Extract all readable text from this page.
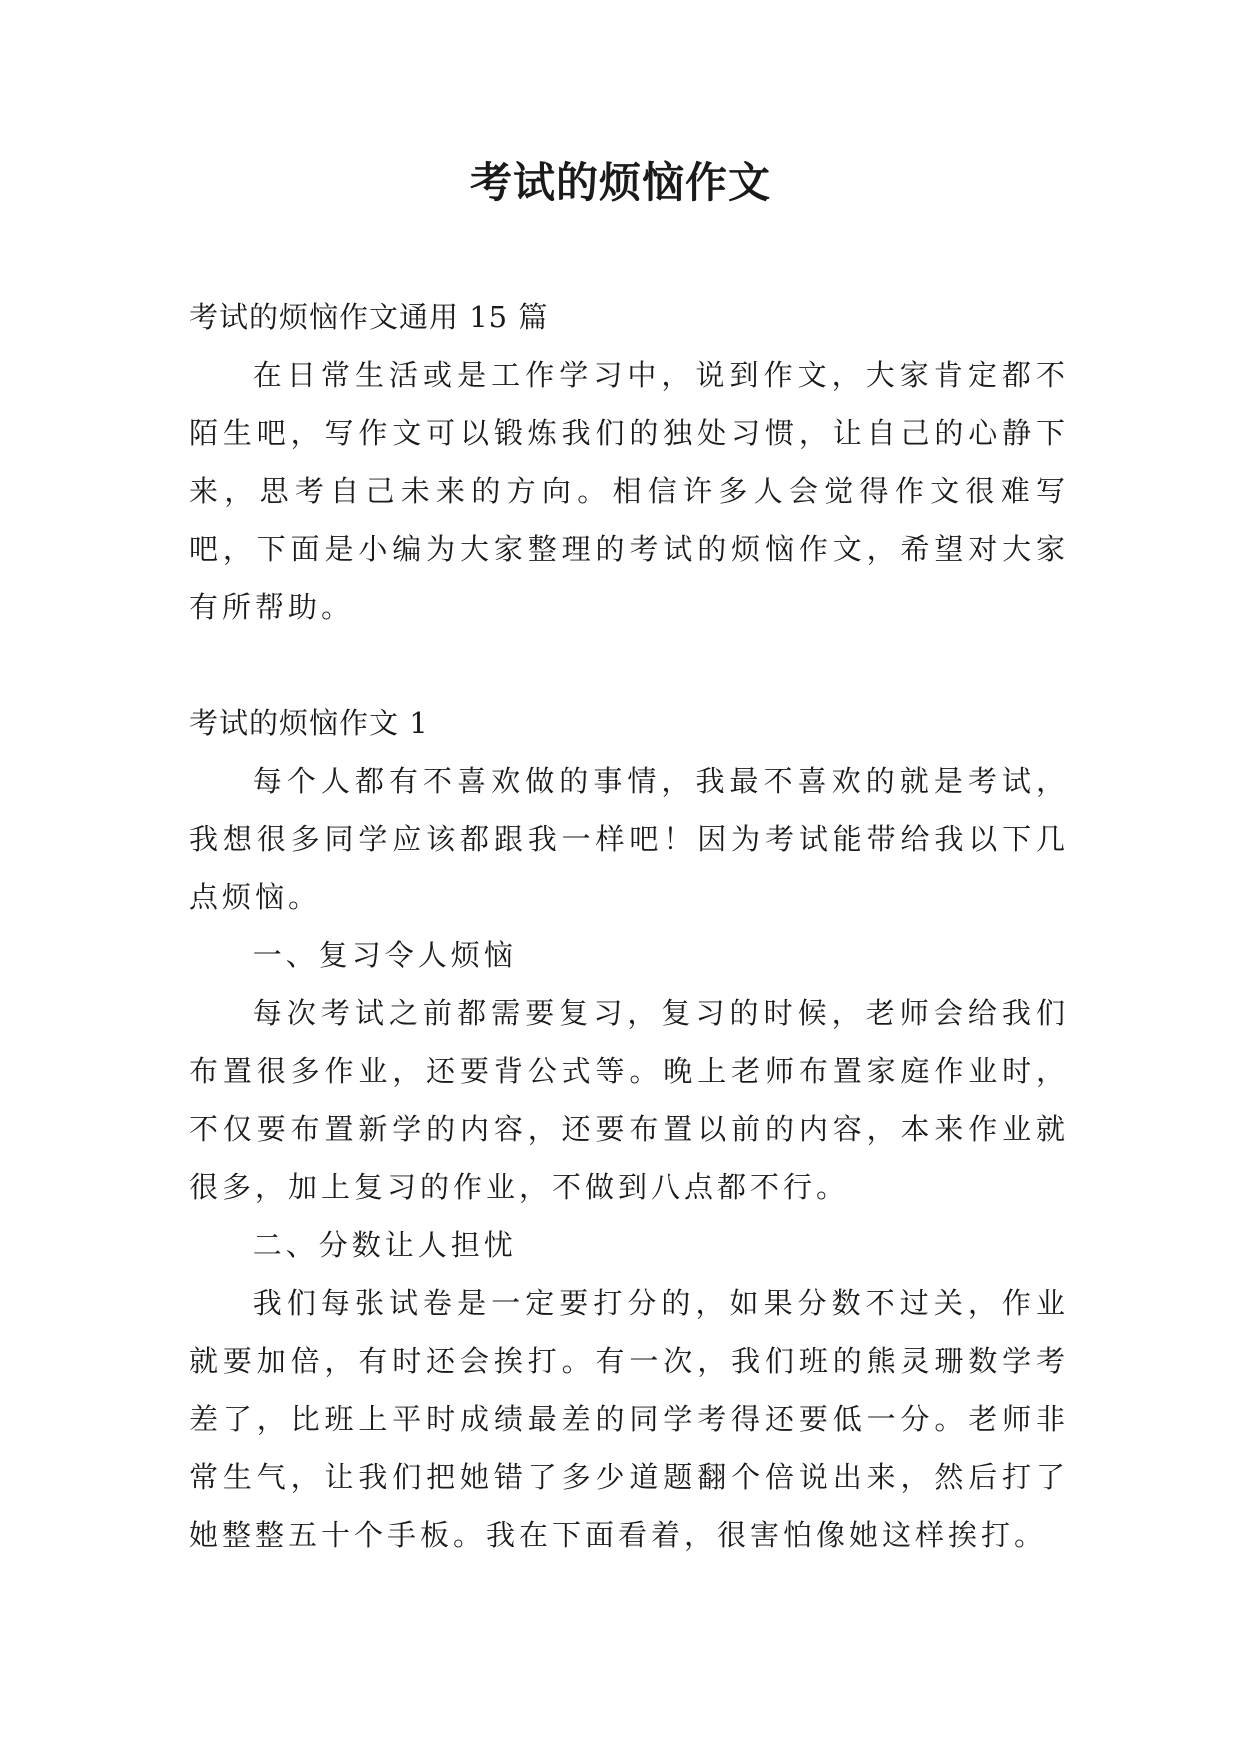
考试的烦恼作文

考试的烦恼作文通用 15 篇

在日常生活或是工作学习中，说到作文，大家肯定都不陌生吧，写作文可以锻炼我们的独处习惯，让自己的心静下来，思考自己未来的方向。相信许多人会觉得作文很难写吧，下面是小编为大家整理的考试的烦恼作文，希望对大家有所帮助。

考试的烦恼作文 1

每个人都有不喜欢做的事情，我最不喜欢的就是考试，我想很多同学应该都跟我一样吧！因为考试能带给我以下几点烦恼。

一、复习令人烦恼

每次考试之前都需要复习，复习的时候，老师会给我们布置很多作业，还要背公式等。晚上老师布置家庭作业时，不仅要布置新学的内容，还要布置以前的内容，本来作业就很多，加上复习的作业，不做到八点都不行。

二、分数让人担忧

我们每张试卷是一定要打分的，如果分数不过关，作业就要加倍，有时还会挨打。有一次，我们班的熊灵珊数学考差了，比班上平时成绩最差的同学考得还要低一分。老师非常生气，让我们把她错了多少道题翻个倍说出来，然后打了她整整五十个手板。我在下面看着，很害怕像她这样挨打。
